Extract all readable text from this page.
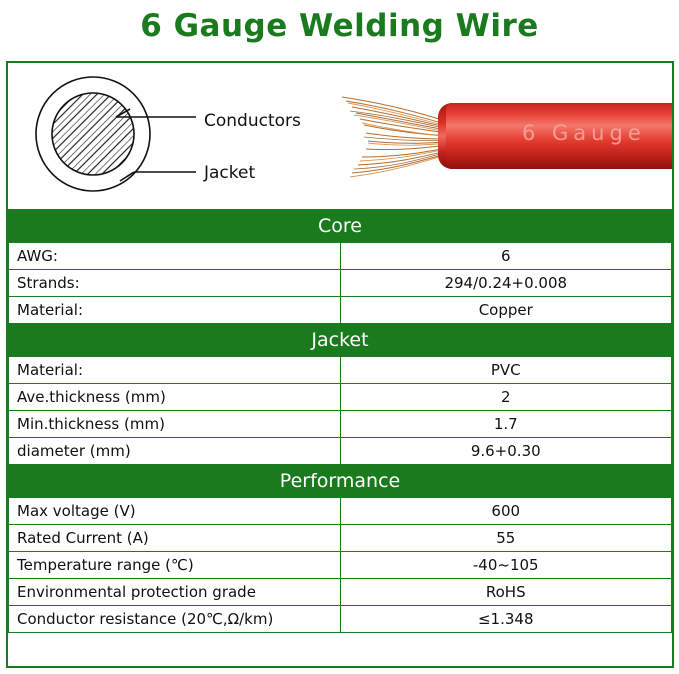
6 Gauge Welding Wire
Conductors
Jacket
6 Gauge
Core	
AWG:	6
Strands:	294/0.24+0.008
Material:	Copper
Jacket	
Material:	PVC
Ave.thickness (mm)	2
Min.thickness (mm)	1.7
diameter (mm)	9.6+0.30
Performance	
Max voltage (V)	600
Rated Current (A)	55
Temperature range (℃)	-40~105
Environmental protection grade	RoHS
Conductor resistance (20℃,Ω/km)	≤1.348
